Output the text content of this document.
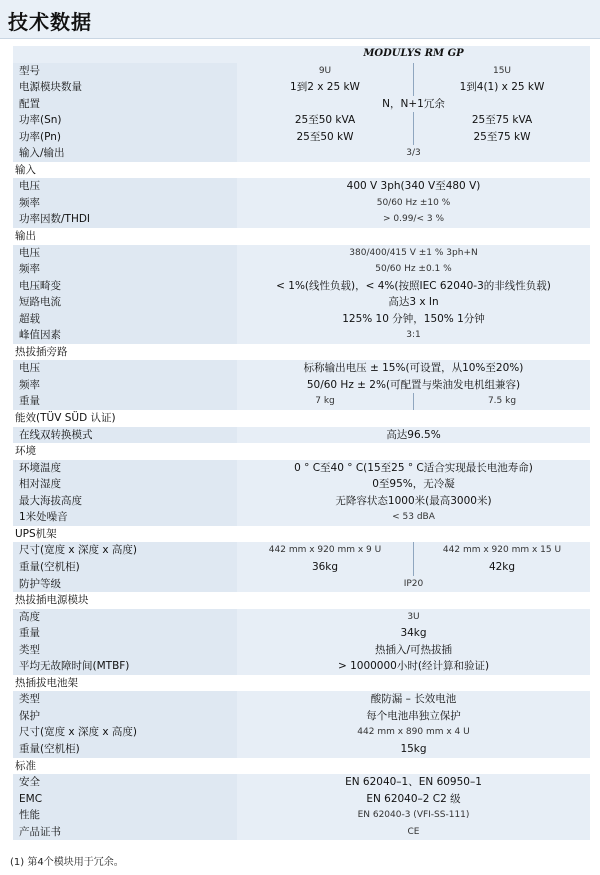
技术数据
MODULYS RM GP
型号	9U	15U
电源模块数量	1到2 x 25 kW	1到4(1) x 25 kW
配置	N，N+1冗余
功率(Sn)	25至50 kVA	25至75 kVA
功率(Pn)	25至50 kW	25至75 kW
输入/输出	3/3
输入
电压	400 V 3ph(340 V至480 V)
频率	50/60 Hz ±10 %
功率因数/THDI	> 0.99/< 3 %
输出
电压	380/400/415 V ±1 % 3ph+N
频率	50/60 Hz ±0.1 %
电压畸变	< 1%(线性负载)，< 4%(按照IEC 62040-3的非线性负载)
短路电流	高达3 x In
超载	125% 10 分钟，150% 1分钟
峰值因素	3:1
热拔插旁路
电压	标称输出电压 ± 15%(可设置，从10%至20%)
频率	50/60 Hz ± 2%(可配置与柴油发电机组兼容)
重量	7 kg	7.5 kg
能效(TÜV SÜD 认证)
在线双转换模式	高达96.5%
环境
环境温度	0 ° C至40 ° C(15至25 ° C适合实现最长电池寿命)
相对湿度	0至95%，无冷凝
最大海拔高度	无降容状态1000米(最高3000米)
1米处噪音	< 53 dBA
UPS机架
尺寸(宽度 x 深度 x 高度)	442 mm x 920 mm x 9 U	442 mm x 920 mm x 15 U
重量(空机柜)	36kg	42kg
防护等级	IP20
热拔插电源模块
高度	3U
重量	34kg
类型	热插入/可热拔插
平均无故障时间(MTBF)	> 1000000小时(经计算和验证)
热插拔电池架
类型	酸防漏 – 长效电池
保护	每个电池串独立保护
尺寸(宽度 x 深度 x 高度)	442 mm x 890 mm x 4 U
重量(空机柜)	15kg
标准
安全	EN 62040–1、EN 60950–1
EMC	EN 62040–2 C2 级
性能	EN 62040-3 (VFI-SS-111)
产品证书	CE
(1) 第4个模块用于冗余。
